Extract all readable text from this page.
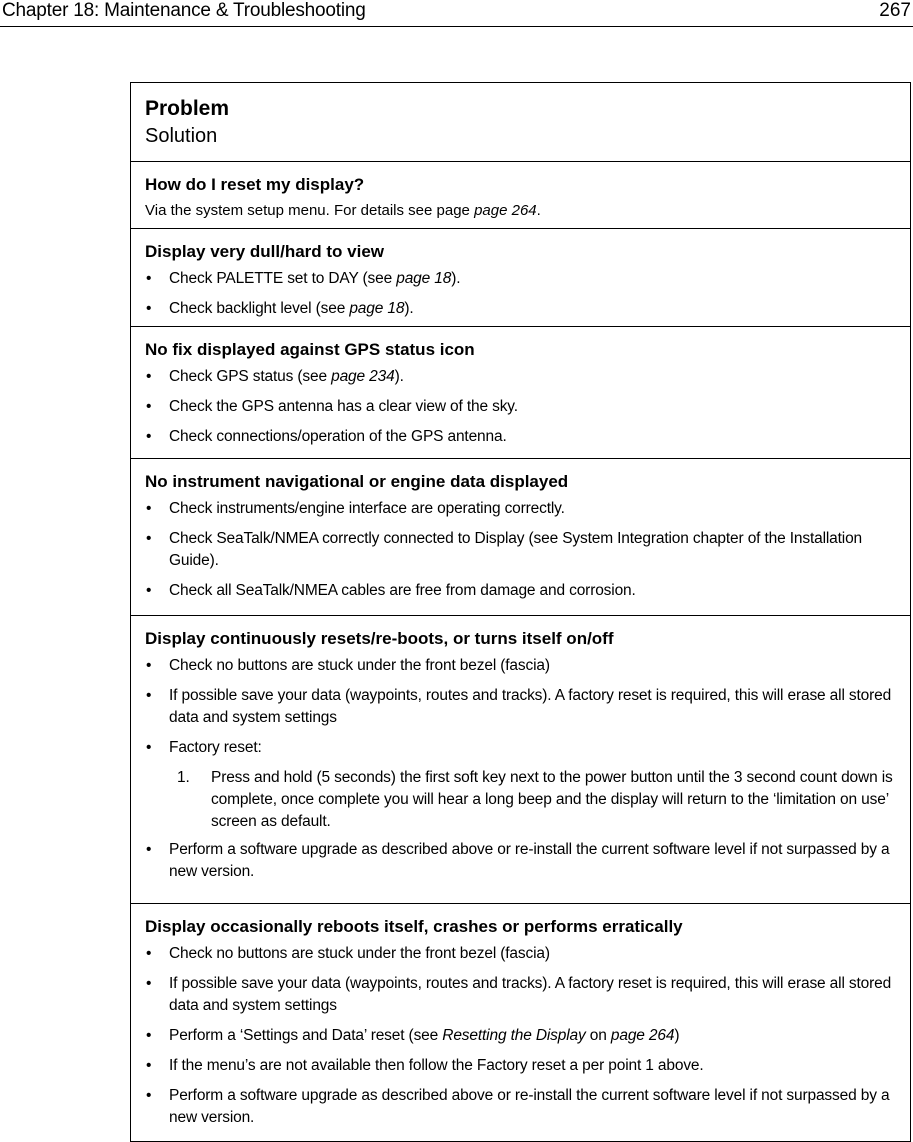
Chapter 18: Maintenance & Troubleshooting	267
Problem
Solution
How do I reset my display?
Via the system setup menu. For details see page page 264.
Display very dull/hard to view
• Check PALETTE set to DAY (see page 18).
• Check backlight level (see page 18).
No fix displayed against GPS status icon
• Check GPS status (see page 234).
• Check the GPS antenna has a clear view of the sky.
• Check connections/operation of the GPS antenna.
No instrument navigational or engine data displayed
• Check instruments/engine interface are operating correctly.
• Check SeaTalk/NMEA correctly connected to Display (see System Integration chapter of the Installation Guide).
• Check all SeaTalk/NMEA cables are free from damage and corrosion.
Display continuously resets/re-boots, or turns itself on/off
• Check no buttons are stuck under the front bezel (fascia)
• If possible save your data (waypoints, routes and tracks). A factory reset is required, this will erase all stored data and system settings
• Factory reset:
1. Press and hold (5 seconds) the first soft key next to the power button until the 3 second count down is complete, once complete you will hear a long beep and the display will return to the ‘limitation on use’ screen as default.
• Perform a software upgrade as described above or re-install the current software level if not surpassed by a new version.
Display occasionally reboots itself, crashes or performs erratically
• Check no buttons are stuck under the front bezel (fascia)
• If possible save your data (waypoints, routes and tracks). A factory reset is required, this will erase all stored data and system settings
• Perform a ‘Settings and Data’ reset (see Resetting the Display on page 264)
• If the menu’s are not available then follow the Factory reset a per point 1 above.
• Perform a software upgrade as described above or re-install the current software level if not surpassed by a new version.
